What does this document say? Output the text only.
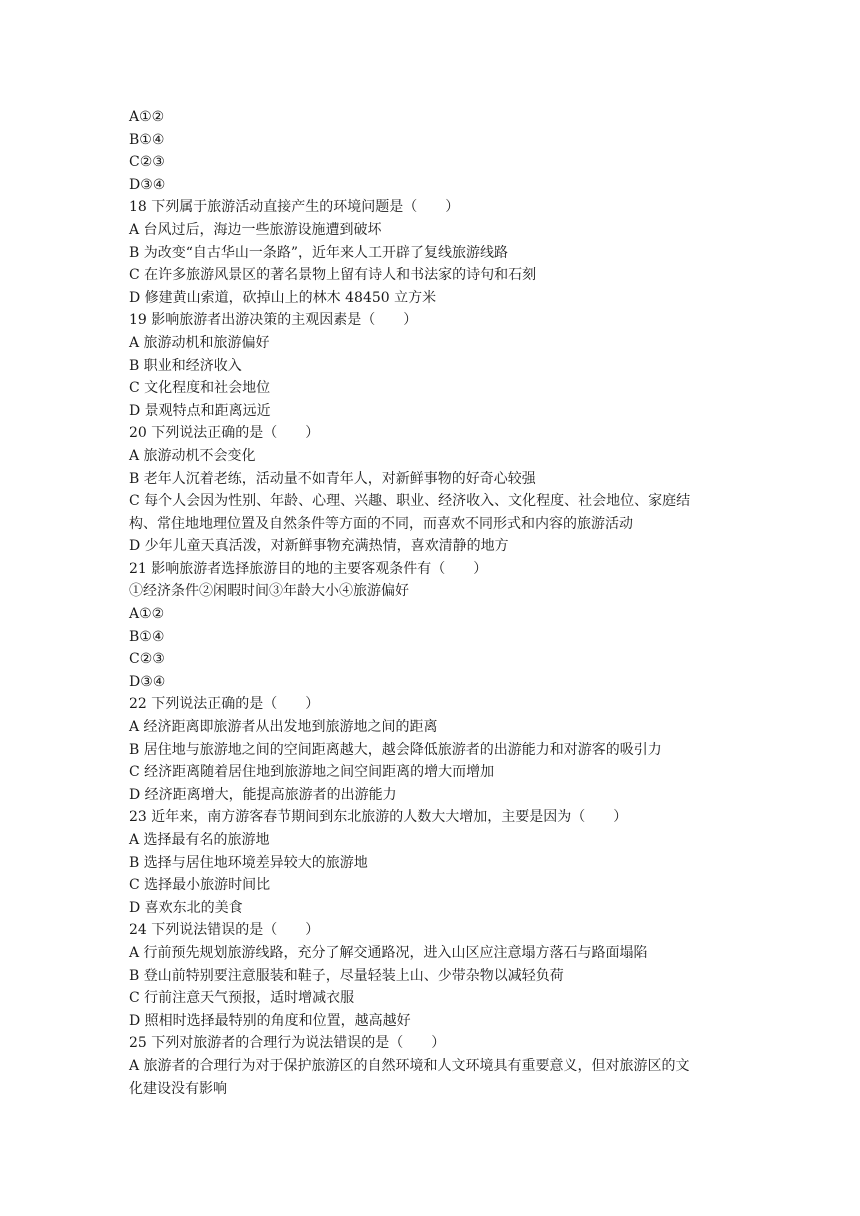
A①②
B①④
C②③
D③④
18 下列属于旅游活动直接产生的环境问题是（　　）
A 台风过后，海边一些旅游设施遭到破坏
B 为改变“自古华山一条路”，近年来人工开辟了复线旅游线路
C 在许多旅游风景区的著名景物上留有诗人和书法家的诗句和石刻
D 修建黄山索道，砍掉山上的林木 48450 立方米
19 影响旅游者出游决策的主观因素是（　　）
A 旅游动机和旅游偏好
B 职业和经济收入
C 文化程度和社会地位
D 景观特点和距离远近
20 下列说法正确的是（　　）
A 旅游动机不会变化
B 老年人沉着老练，活动量不如青年人，对新鲜事物的好奇心较强
C 每个人会因为性别、年龄、心理、兴趣、职业、经济收入、文化程度、社会地位、家庭结
构、常住地地理位置及自然条件等方面的不同，而喜欢不同形式和内容的旅游活动
D 少年儿童天真活泼，对新鲜事物充满热情，喜欢清静的地方
21 影响旅游者选择旅游目的地的主要客观条件有（　　）
①经济条件②闲暇时间③年龄大小④旅游偏好
A①②
B①④
C②③
D③④
22 下列说法正确的是（　　）
A 经济距离即旅游者从出发地到旅游地之间的距离
B 居住地与旅游地之间的空间距离越大，越会降低旅游者的出游能力和对游客的吸引力
C 经济距离随着居住地到旅游地之间空间距离的增大而增加
D 经济距离增大，能提高旅游者的出游能力
23 近年来，南方游客春节期间到东北旅游的人数大大增加，主要是因为（　　）
A 选择最有名的旅游地
B 选择与居住地环境差异较大的旅游地
C 选择最小旅游时间比
D 喜欢东北的美食
24 下列说法错误的是（　　）
A 行前预先规划旅游线路，充分了解交通路况，进入山区应注意塌方落石与路面塌陷
B 登山前特别要注意服装和鞋子，尽量轻装上山、少带杂物以减轻负荷
C 行前注意天气预报，适时增减衣服
D 照相时选择最特别的角度和位置，越高越好
25 下列对旅游者的合理行为说法错误的是（　　）
A 旅游者的合理行为对于保护旅游区的自然环境和人文环境具有重要意义，但对旅游区的文
化建设没有影响
